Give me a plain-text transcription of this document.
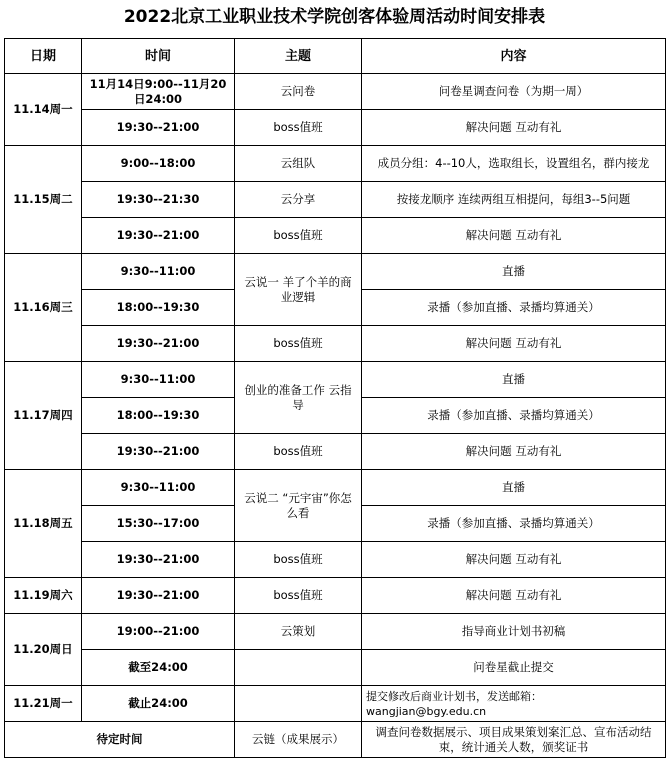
2022北京工业职业技术学院创客体验周活动时间安排表
日期	时间	主题	内容
11.14周一	11月14日9:00--11月20日24:00	云问卷	问卷星调查问卷（为期一周）
	19:30--21:00	boss值班	解决问题 互动有礼
11.15周二	9:00--18:00	云组队	成员分组：4--10人，选取组长，设置组名，群内接龙
	19:30--21:30	云分享	按接龙顺序 连续两组互相提问，每组3--5问题
	19:30--21:00	boss值班	解决问题 互动有礼
11.16周三	9:30--11:00	云说一 羊了个羊的商业逻辑	直播
	18:00--19:30		录播（参加直播、录播均算通关）
	19:30--21:00	boss值班	解决问题 互动有礼
11.17周四	9:30--11:00	创业的准备工作 云指导	直播
	18:00--19:30		录播（参加直播、录播均算通关）
	19:30--21:00	boss值班	解决问题 互动有礼
11.18周五	9:30--11:00	云说二 “元宇宙”你怎么看	直播
	15:30--17:00		录播（参加直播、录播均算通关）
	19:30--21:00	boss值班	解决问题 互动有礼
11.19周六	19:30--21:00	boss值班	解决问题 互动有礼
11.20周日	19:00--21:00	云策划	指导商业计划书初稿
	截至24:00		问卷星截止提交
11.21周一	截止24:00		提交修改后商业计划书，发送邮箱：wangjian@bgy.edu.cn
待定时间		云链（成果展示）	调查问卷数据展示、项目成果策划案汇总、宣布活动结束，统计通关人数，颁奖证书
